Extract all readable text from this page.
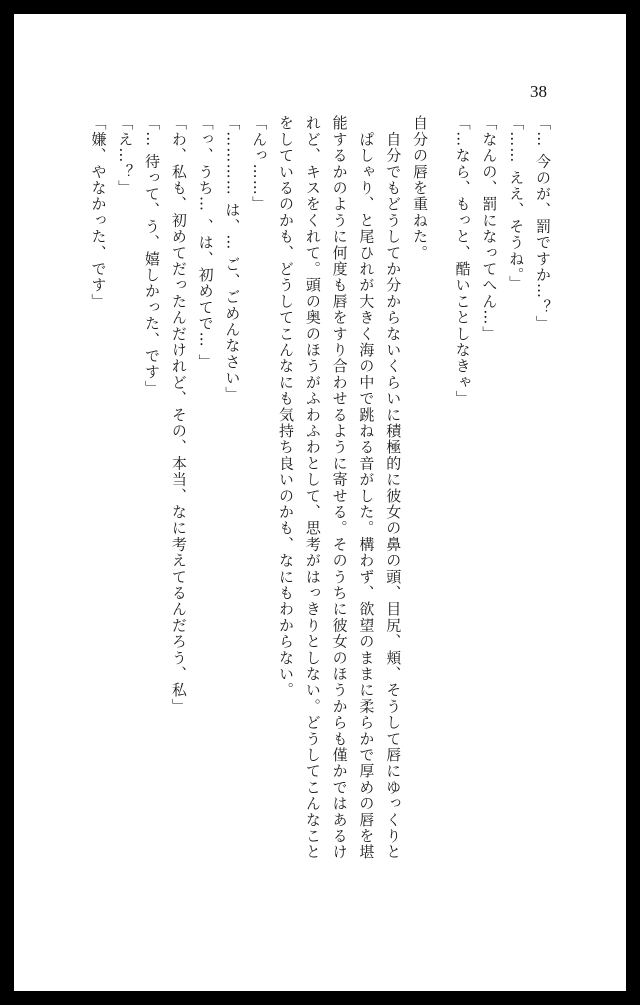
38
自分の唇を重ねた。
　自分でもどうしてか分からないくらいに積極的に彼女の鼻の頭、目尻、頬、そうして唇にゆっくりと
　ぱしゃり、と尾ひれが大きく海の中で跳ねる音がした。構わず、欲望のままに柔らかで厚めの唇を堪
能するかのように何度も唇をすり合わせるように寄せる。そのうちに彼女のほうからも僅かではあるけ
れど、キスをくれて。頭の奥のほうがふわふわとして、思考がはっきりとしない。どうしてこんなこと
をしているのかも、どうしてこんなにも気持ち良いのかも、なにもわからない。
「んっ……」
「………… は、… ご、ごめんなさい」
「っ、うち… 、は、初めてで… 」
「わ、私も、初めてだったんだけれど、その、本当、なに考えてるんだろう、私」
「… 待って、う、嬉しかった、です」
「え…？」
「嫌、やなかった、です」	「… 今のが、罰ですか…？」
「…… ええ、そうね。」
「なんの、罰になってへん…」
「…なら、もっと、酷いことしなきゃ」
